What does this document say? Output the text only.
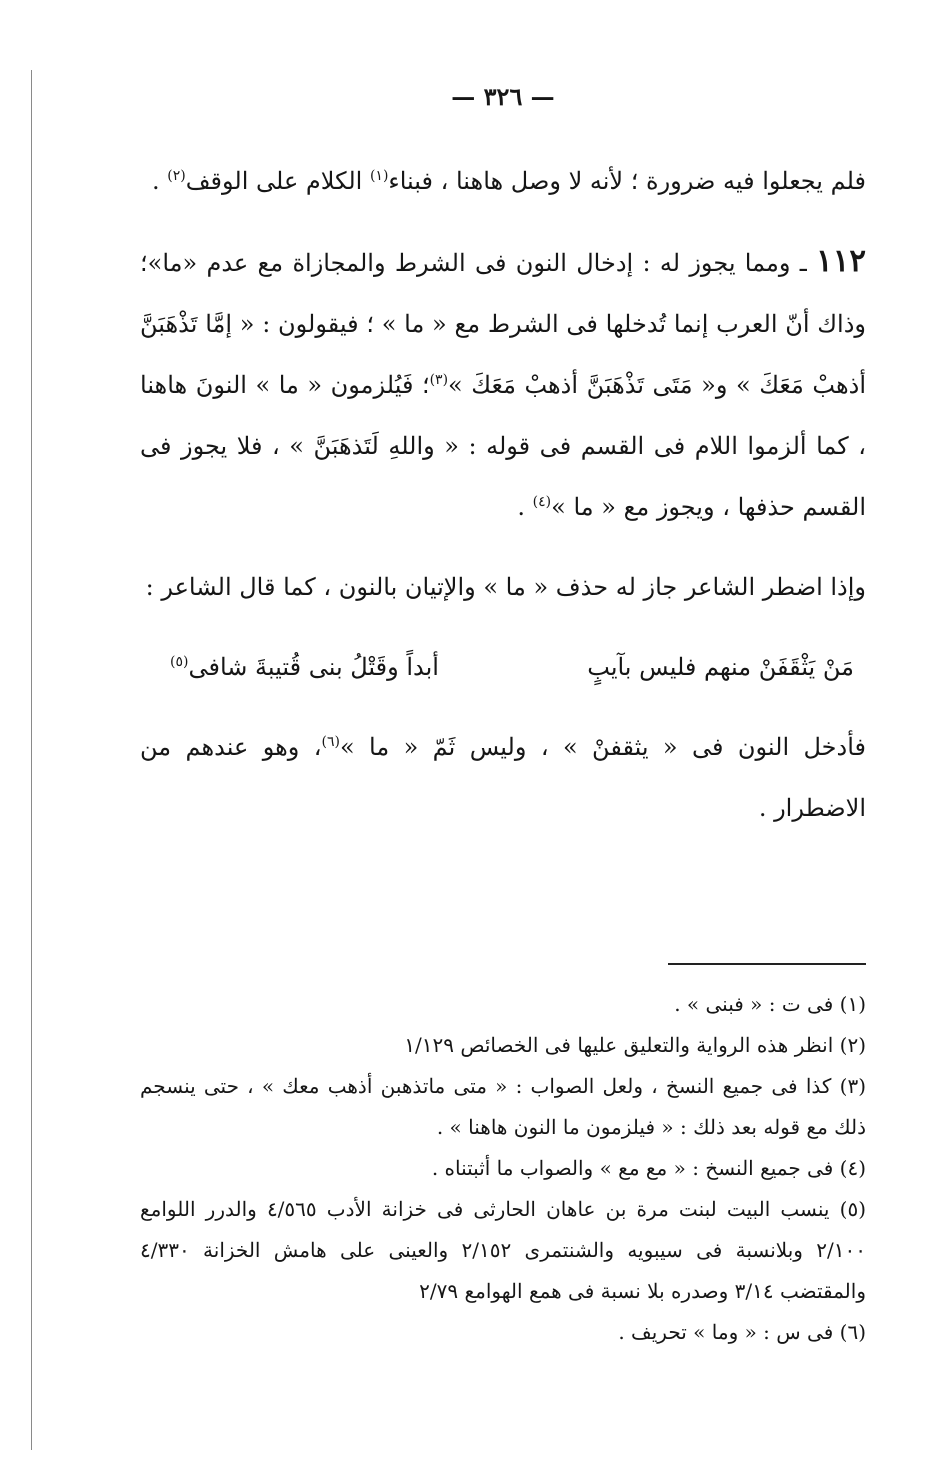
— ٣٢٦ —

فلم يجعلوا فيه ضرورة ؛ لأنه لا وصل هاهنا ، فبناء$^{(١)}$ الكلام على الوقف$^{(٢)}$ .

١١٢ ـ ومما يجوز له : إدخال النون فى الشرط والمجازاة مع عدم «ما»؛ وذاك أنّ العرب إنما تُدخلها فى الشرط مع « ما » ؛ فيقولون : « إمَّا تَذْهَبَنَّ أذهبْ مَعَكَ » و« مَتَى تَذْهَبَنَّ أذهبْ مَعَكَ »$^{(٣)}$؛ فَيُلزمون « ما » النونَ هاهنا ، كما ألزموا اللام فى القسم فى قوله : « واللهِ لَتَذهَبَنَّ » ، فلا يجوز فى القسم حذفها ، ويجوز مع « ما »$^{(٤)}$ .

وإذا اضطر الشاعر جاز له حذف « ما » والإتيان بالنون ، كما قال الشاعر :

مَنْ يَثْقَفَنْ منهم فليس بآيبٍ
أبداً وقَتْلُ بنى قُتيبةَ شافى$^{(٥)}$

فأدخل النون فى « يثقفنْ » ، وليس ثَمّ « ما »$^{(٦)}$، وهو عندهم من الاضطرار .

(١) فى ت : « فبنى » .

(٢) انظر هذه الرواية والتعليق عليها فى الخصائص ١/١٢٩

(٣) كذا فى جميع النسخ ، ولعل الصواب : « متى ماتذهبن أذهب معك » ، حتى ينسجم ذلك مع قوله بعد ذلك : « فيلزمون ما النون هاهنا » .

(٤) فى جميع النسخ : « مع مع » والصواب ما أثبتناه .

(٥) ينسب البيت لبنت مرة بن عاهان الحارثى فى خزانة الأدب ٤/٥٦٥ والدرر اللوامع ٢/١٠٠ وبلانسبة فى سيبويه والشنتمرى ٢/١٥٢ والعينى على هامش الخزانة ٤/٣٣٠ والمقتضب ٣/١٤ وصدره بلا نسبة فى همع الهوامع ٢/٧٩

(٦) فى س : « وما » تحريف .
